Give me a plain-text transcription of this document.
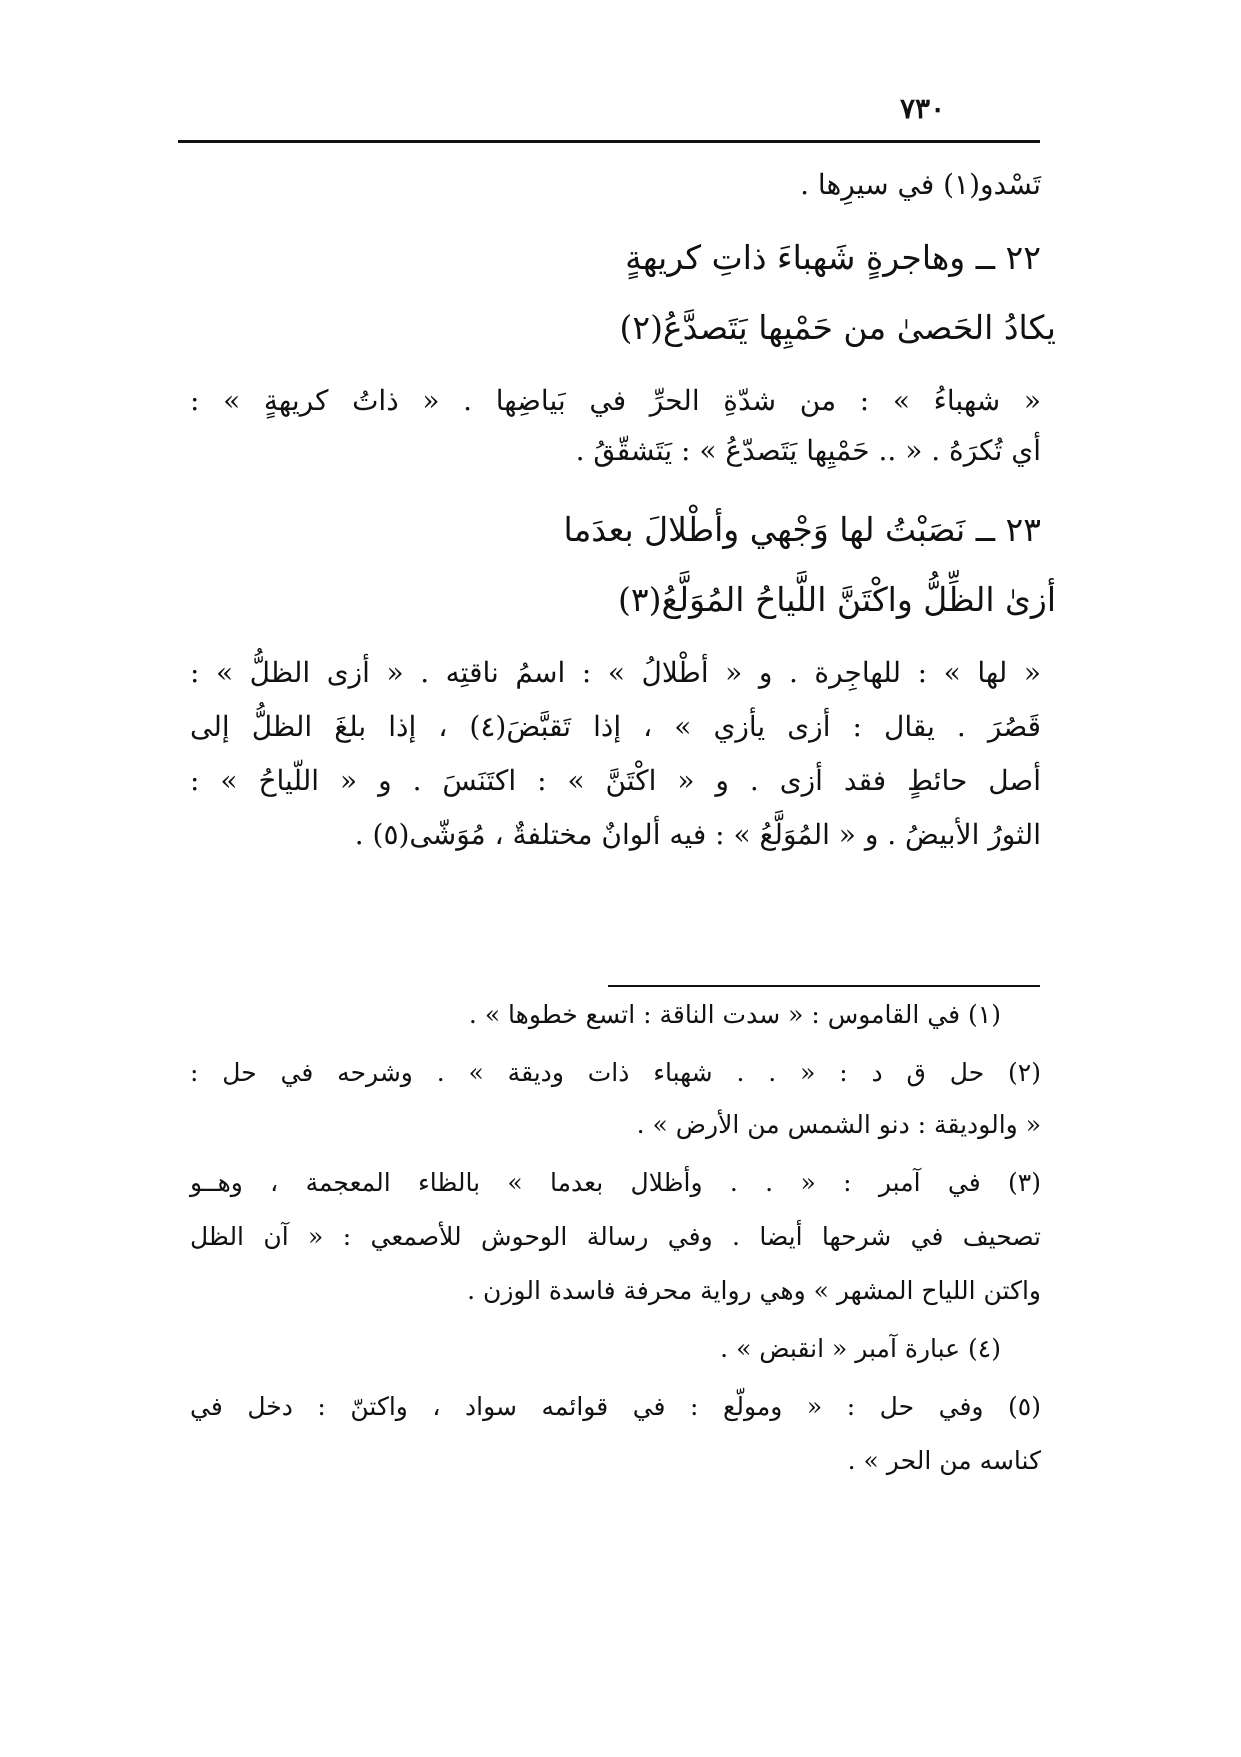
٧٣٠
تَسْدو(١) في سيرِها .
٢٢ ــ وهاجرةٍ شَهباءَ ذاتِ كريهةٍ
يكادُ الحَصىٰ من حَمْيِها يَتَصدَّعُ(٢)
« شهباءُ » : من شدّةِ الحرِّ في بَياضِها . « ذاتُ كريهةٍ » :
أي تُكرَهُ . « .. حَمْيِها يَتَصدّعُ » : يَتَشقّقُ .
٢٣ ــ نَصَبْتُ لها وَجْهي وأطْلالَ بعدَما
أزىٰ الظِّلُّ واكْتَنَّ اللَّياحُ المُوَلَّعُ(٣)
« لها » : للهاجِرة . و « أطْلالُ » : اسمُ ناقتِه . « أزى الظلُّ » :
قَصُرَ . يقال : أزى يأزي » ، إذا تَقبَّضَ(٤) ، إذا بلغَ الظلُّ إلى
أصل حائطٍ فقد أزى . و « اكْتَنَّ » : اكتَنَسَ . و « اللّياحُ » :
الثورُ الأبيضُ . و « المُوَلَّعُ » : فيه ألوانٌ مختلفةٌ ، مُوَشّى(٥) .
(١) في القاموس : « سدت الناقة : اتسع خطوها » .
(٢) حل ق د : « . . شهباء ذات وديقة » . وشرحه في حل :
« والوديقة : دنو الشمس من الأرض » .
(٣) في آمبر : « . . وأظلال بعدما » بالظاء المعجمة ، وهــو
تصحيف في شرحها أيضا . وفي رسالة الوحوش للأصمعي : « آن الظل
واكتن اللياح المشهر » وهي رواية محرفة فاسدة الوزن .
(٤) عبارة آمبر « انقبض » .
(٥) وفي حل : « ومولّع : في قوائمه سواد ، واكتنّ : دخل في
كناسه من الحر » .
